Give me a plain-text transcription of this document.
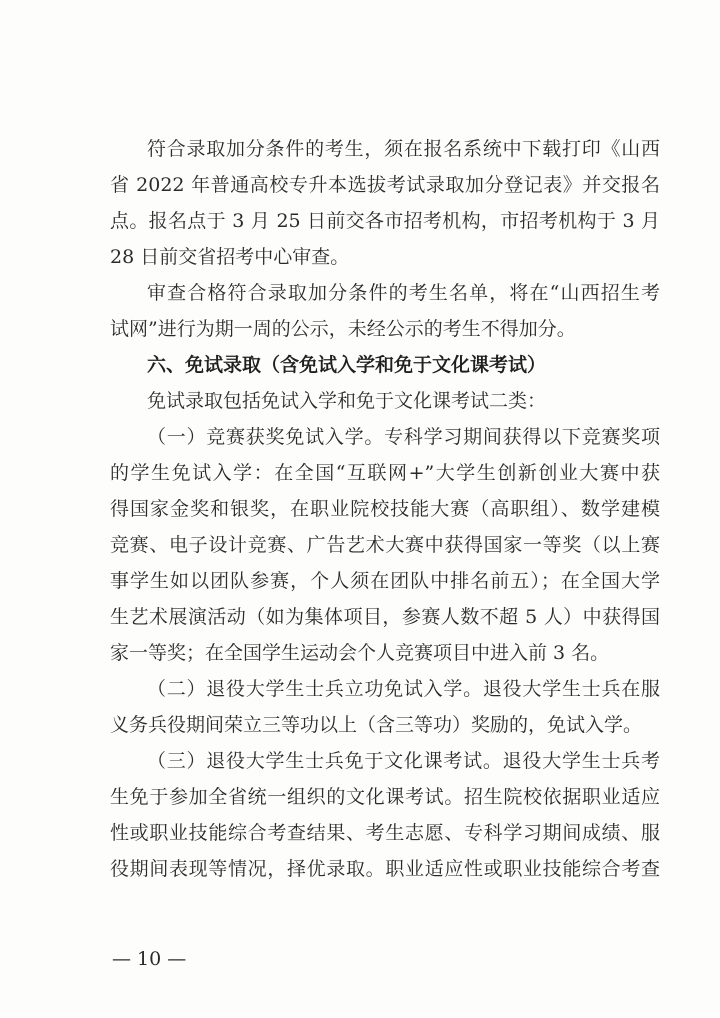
符合录取加分条件的考生，须在报名系统中下载打印《山西

省 2022 年普通高校专升本选拔考试录取加分登记表》并交报名

点。报名点于 3 月 25 日前交各市招考机构，市招考机构于 3 月

28 日前交省招考中心审查。

审查合格符合录取加分条件的考生名单，将在“山西招生考

试网”进行为期一周的公示，未经公示的考生不得加分。

六、免试录取（含免试入学和免于文化课考试）

免试录取包括免试入学和免于文化课考试二类：

（一）竞赛获奖免试入学。专科学习期间获得以下竞赛奖项

的学生免试入学：在全国“互联网+”大学生创新创业大赛中获

得国家金奖和银奖，在职业院校技能大赛（高职组）、数学建模

竞赛、电子设计竞赛、广告艺术大赛中获得国家一等奖（以上赛

事学生如以团队参赛，个人须在团队中排名前五）；在全国大学

生艺术展演活动（如为集体项目，参赛人数不超 5 人）中获得国

家一等奖；在全国学生运动会个人竞赛项目中进入前 3 名。

（二）退役大学生士兵立功免试入学。退役大学生士兵在服

义务兵役期间荣立三等功以上（含三等功）奖励的，免试入学。

（三）退役大学生士兵免于文化课考试。退役大学生士兵考

生免于参加全省统一组织的文化课考试。招生院校依据职业适应

性或职业技能综合考查结果、考生志愿、专科学习期间成绩、服

役期间表现等情况，择优录取。职业适应性或职业技能综合考查

— 10 —
